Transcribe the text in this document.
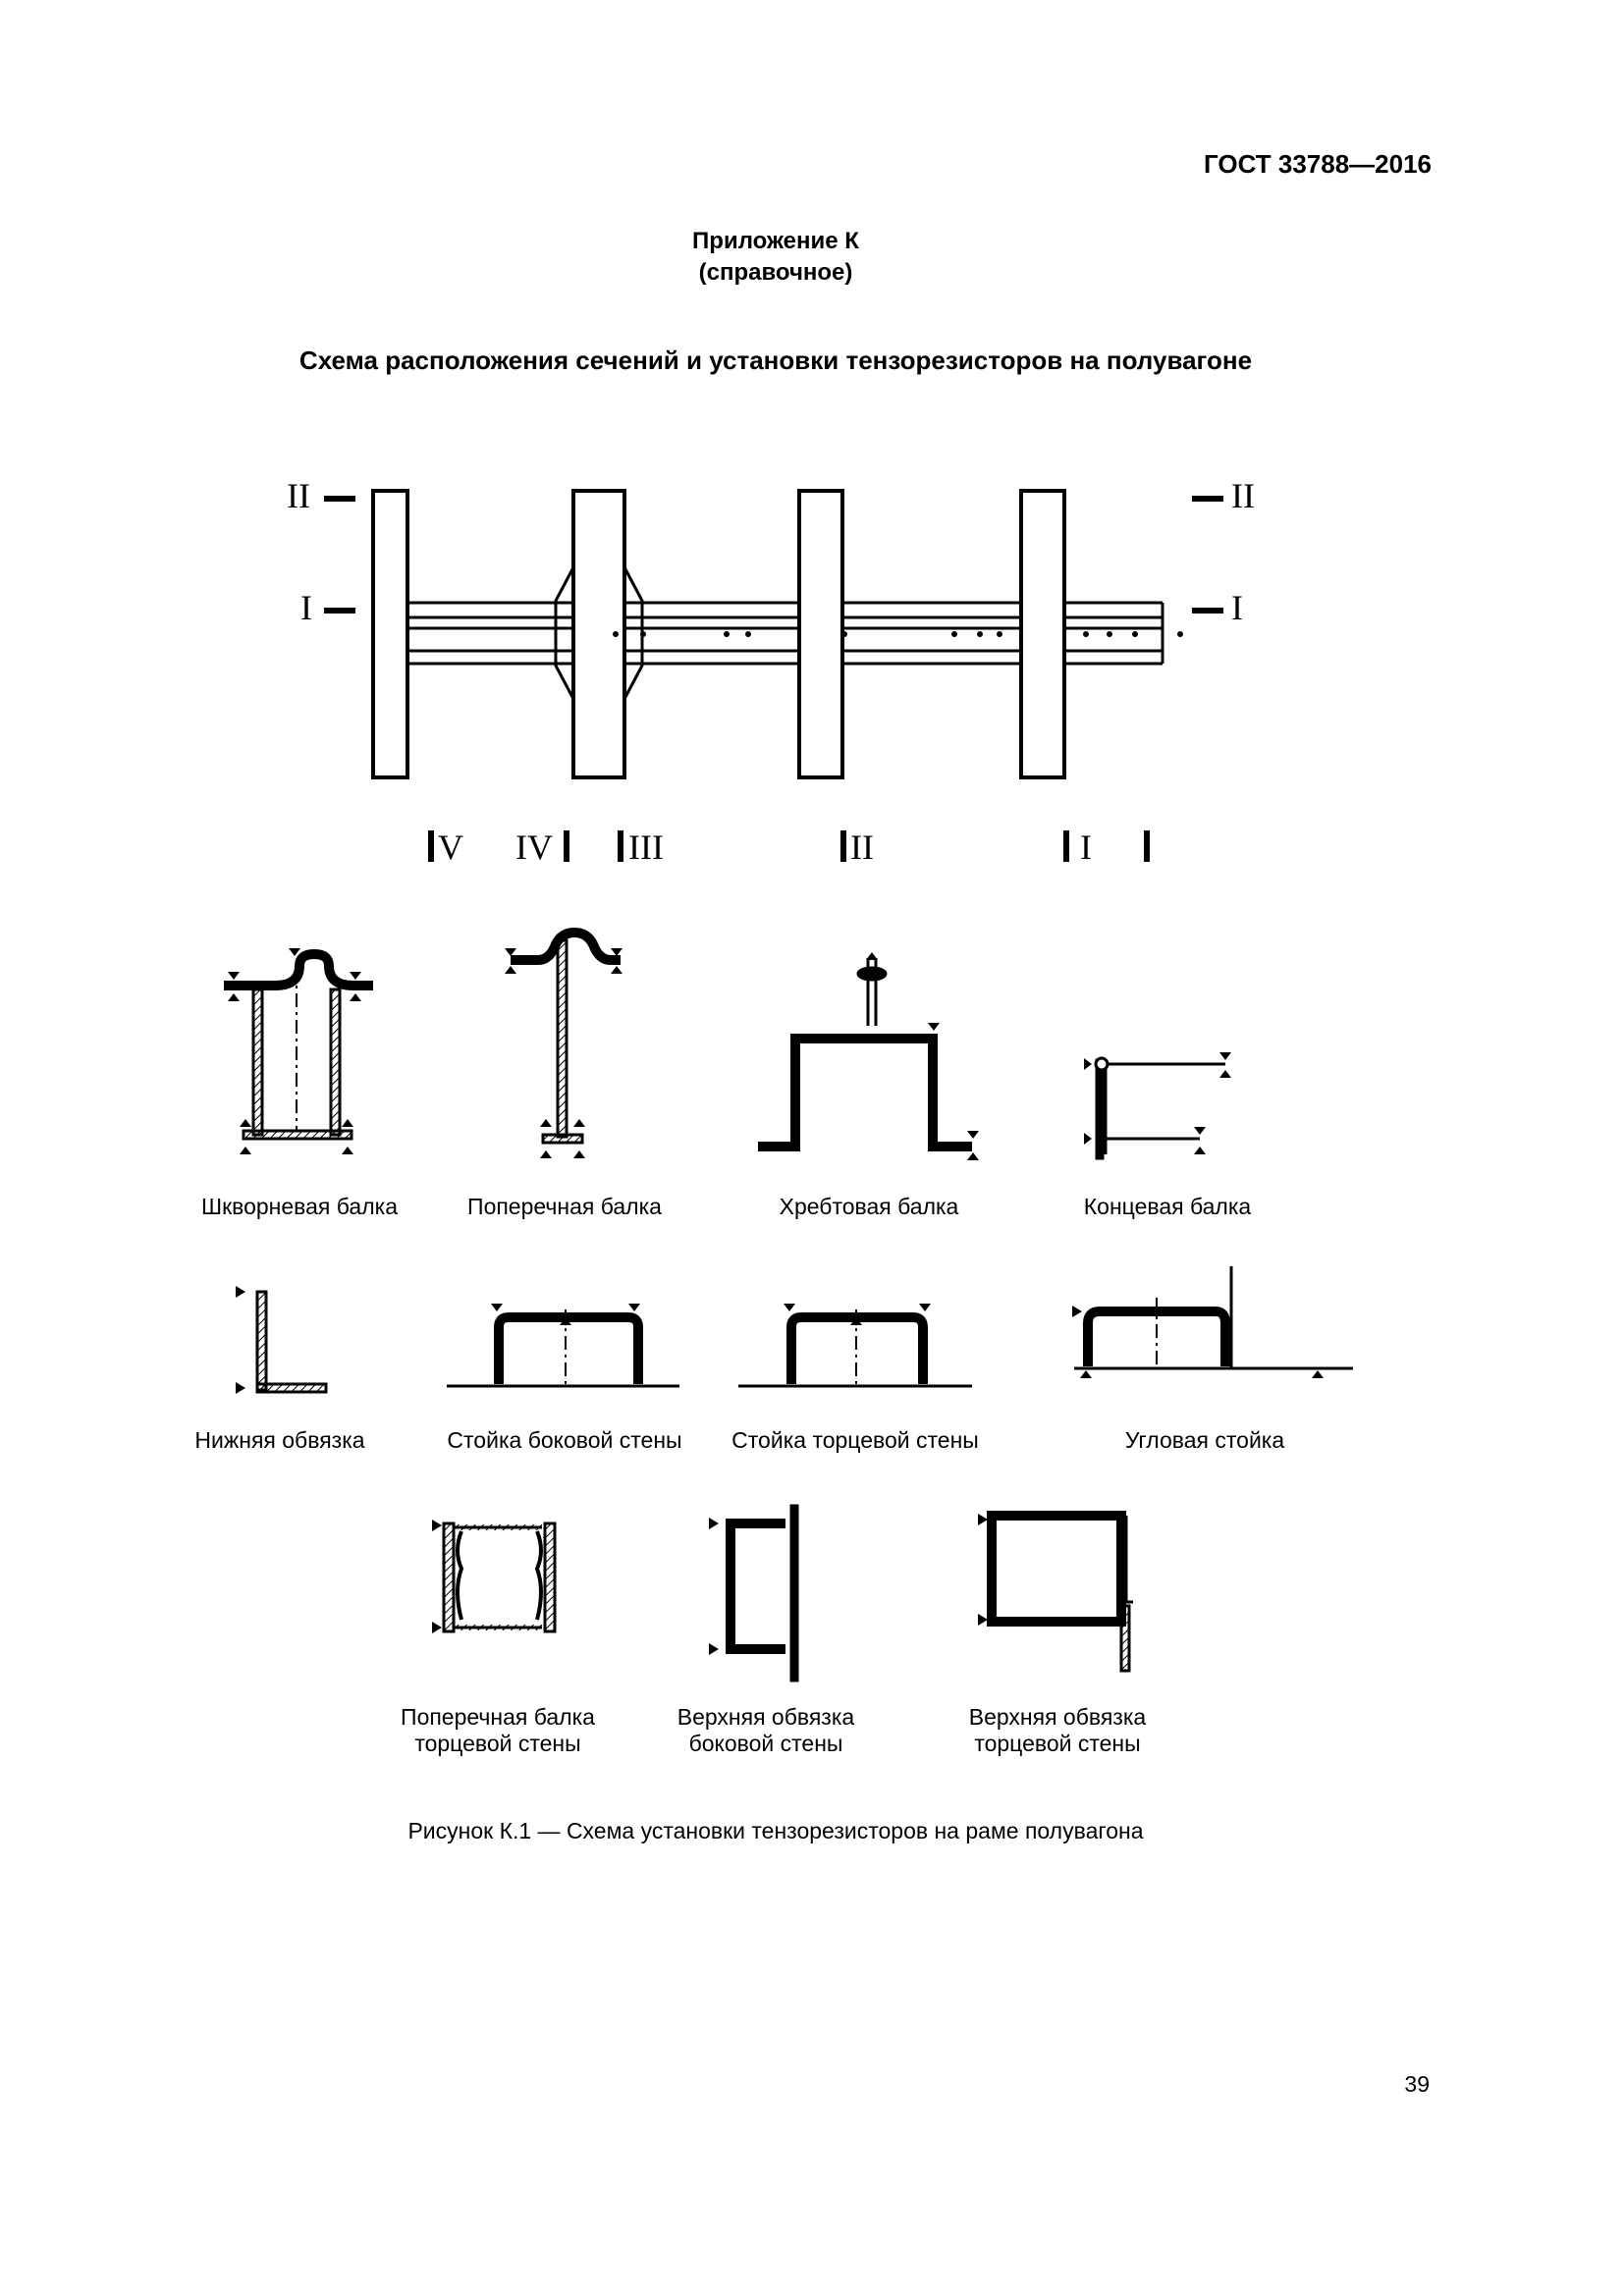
ГОСТ 33788—2016
Приложение К
(справочное)
Схема расположения сечений и установки тензорезисторов на полувагоне
II
I
II
I
V IV III	II	I
Шкворневая балка	Поперечная балка	Хребтовая балка	Концевая балка
Нижняя обвязка	Стойка боковой стены	Стойка торцевой стены	Угловая стойка
Поперечная балка
торцевой стены
Верхняя обвязка
боковой стены
Верхняя обвязка
торцевой стены
Рисунок К.1 — Схема установки тензорезисторов на раме полувагона
39
